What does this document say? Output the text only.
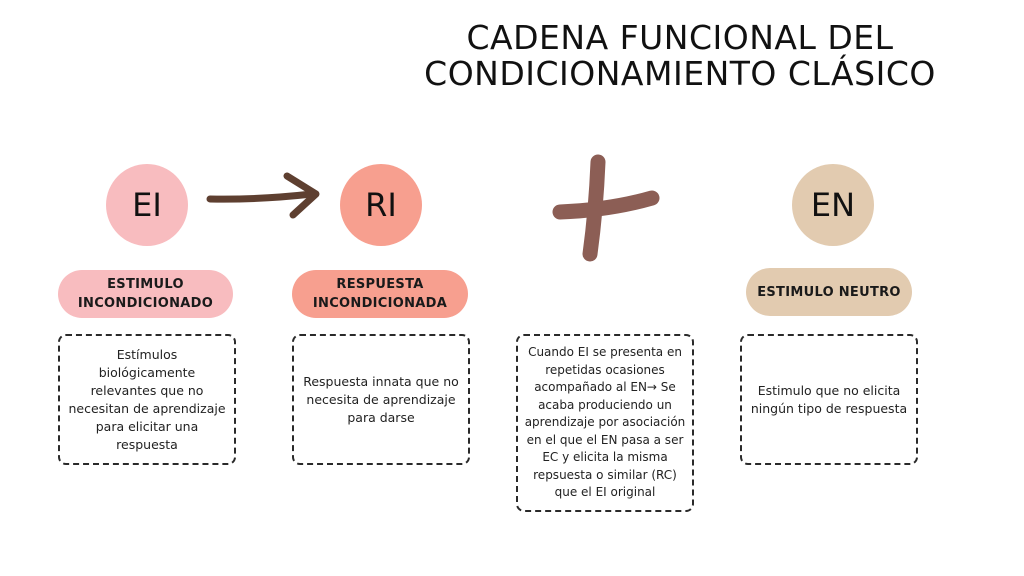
CADENA FUNCIONAL DEL
CONDICIONAMIENTO CLÁSICO
EI
ESTIMULO
INCONDICIONADO
Estímulos biológicamente relevantes que no necesitan de aprendizaje para elicitar una respuesta
RI
RESPUESTA
INCONDICIONADA
Respuesta innata que no necesita de aprendizaje para darse
Cuando EI se presenta en repetidas ocasiones acompañado al EN→ Se acaba produciendo un aprendizaje por asociación en el que el EN pasa a ser EC y elicita la misma repsuesta o similar (RC) que el EI original
EN
ESTIMULO NEUTRO
Estimulo que no elicita ningún tipo de respuesta
